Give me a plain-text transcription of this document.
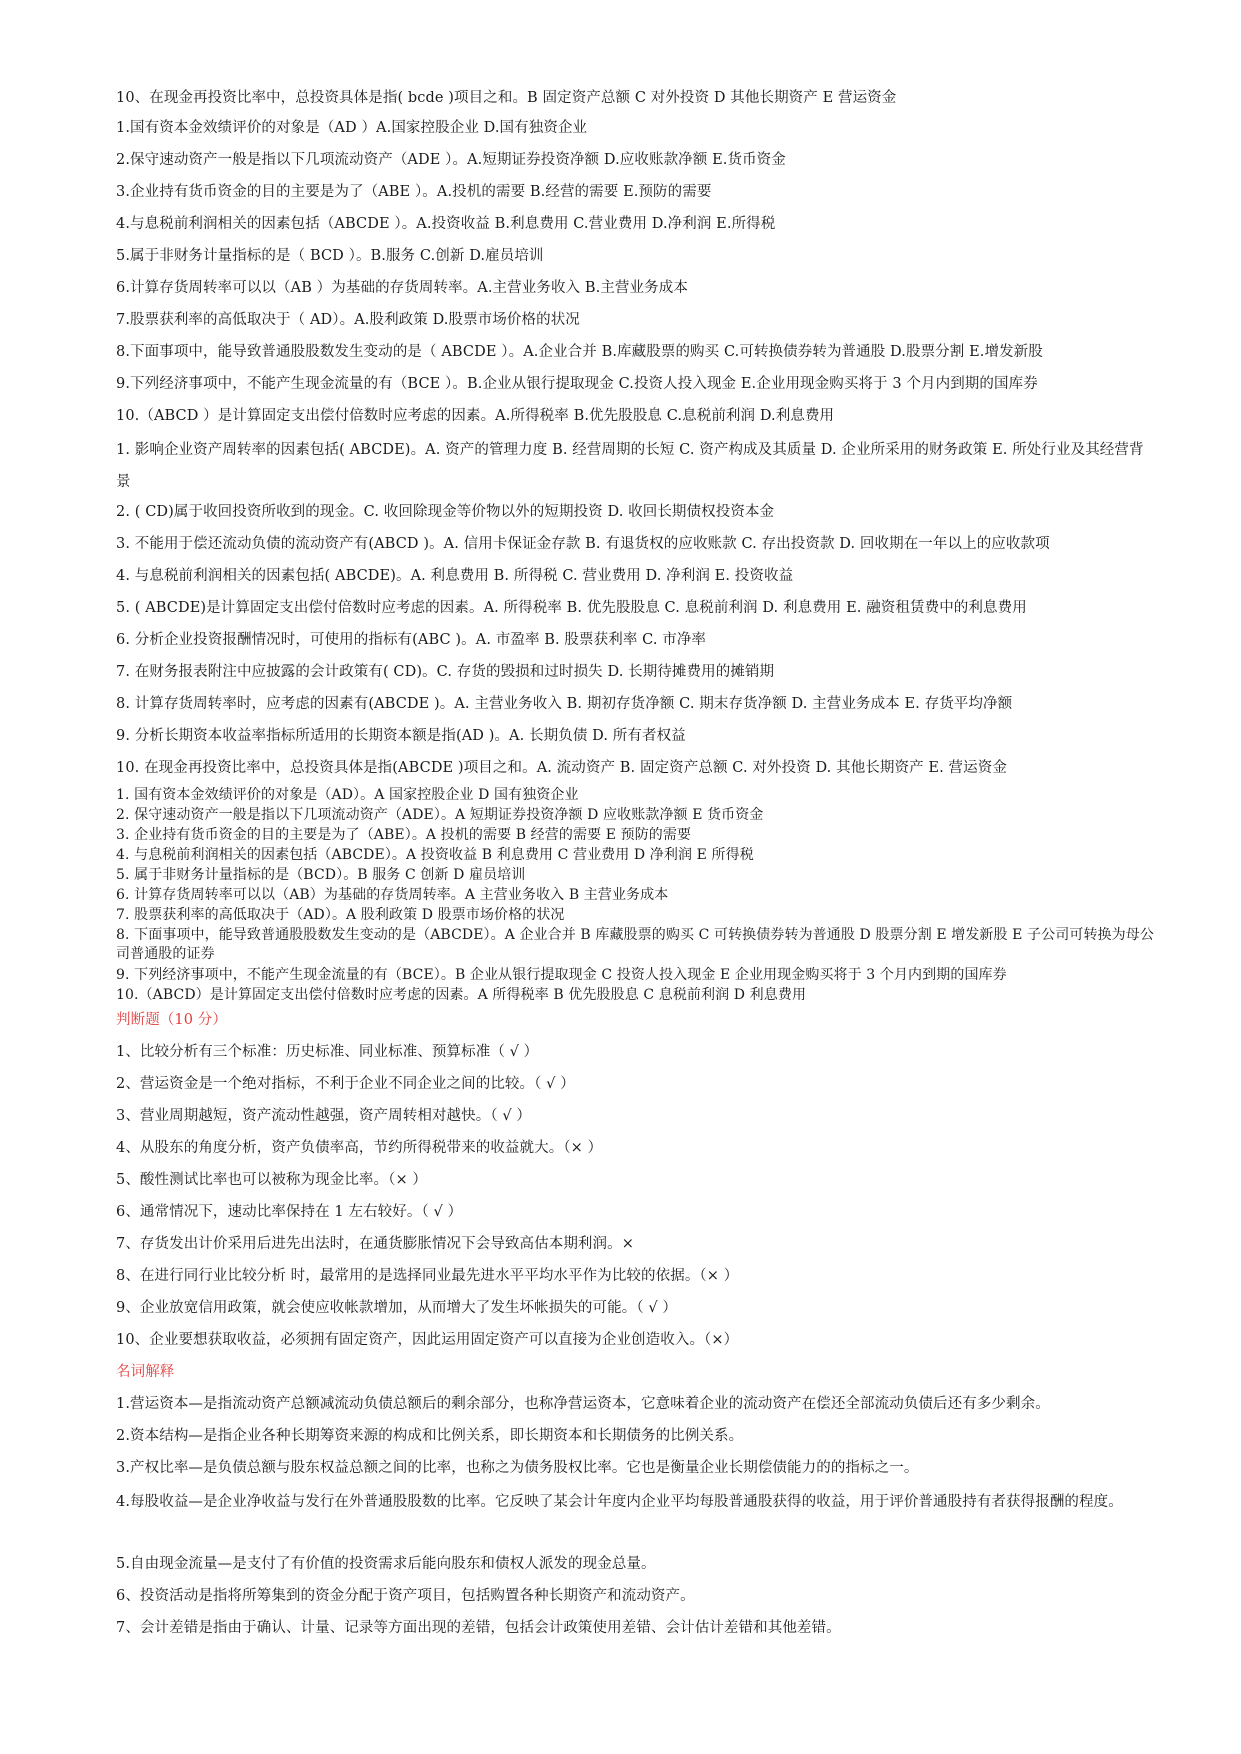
10、在现金再投资比率中，总投资具体是指( bcde )项目之和。B 固定资产总额 C 对外投资 D 其他长期资产 E 营运资金
1.国有资本金效绩评价的对象是（AD ）A.国家控股企业 D.国有独资企业
2.保守速动资产一般是指以下几项流动资产（ADE ）。A.短期证券投资净额 D.应收账款净额 E.货币资金
3.企业持有货币资金的目的主要是为了（ABE ）。A.投机的需要 B.经营的需要 E.预防的需要
4.与息税前利润相关的因素包括（ABCDE ）。A.投资收益 B.利息费用 C.营业费用 D.净利润 E.所得税
5.属于非财务计量指标的是（ BCD ）。B.服务 C.创新 D.雇员培训
6.计算存货周转率可以以（AB ）为基础的存货周转率。A.主营业务收入 B.主营业务成本
7.股票获利率的高低取决于（ AD）。A.股利政策 D.股票市场价格的状况
8.下面事项中，能导致普通股股数发生变动的是（ ABCDE ）。A.企业合并 B.库藏股票的购买 C.可转换债券转为普通股 D.股票分割 E.增发新股
9.下列经济事项中，不能产生现金流量的有（BCE ）。B.企业从银行提取现金 C.投资人投入现金 E.企业用现金购买将于 3 个月内到期的国库券
10.（ABCD ）是计算固定支出偿付倍数时应考虑的因素。A.所得税率 B.优先股股息 C.息税前利润 D.利息费用
1. 影响企业资产周转率的因素包括( ABCDE)。A. 资产的管理力度 B. 经营周期的长短 C. 资产构成及其质量 D. 企业所采用的财务政策 E. 所处行业及其经营背景
2. ( CD)属于收回投资所收到的现金。C. 收回除现金等价物以外的短期投资 D. 收回长期债权投资本金
3. 不能用于偿还流动负债的流动资产有(ABCD )。A. 信用卡保证金存款 B. 有退货权的应收账款 C. 存出投资款 D. 回收期在一年以上的应收款项
4. 与息税前利润相关的因素包括( ABCDE)。A. 利息费用 B. 所得税 C. 营业费用 D. 净利润 E. 投资收益
5. ( ABCDE)是计算固定支出偿付倍数时应考虑的因素。A. 所得税率 B. 优先股股息 C. 息税前利润 D. 利息费用 E. 融资租赁费中的利息费用
6. 分析企业投资报酬情况时，可使用的指标有(ABC )。A. 市盈率 B. 股票获利率 C. 市净率
7. 在财务报表附注中应披露的会计政策有( CD)。C. 存货的毁损和过时损失 D. 长期待摊费用的摊销期
8. 计算存货周转率时，应考虑的因素有(ABCDE )。A. 主营业务收入 B. 期初存货净额 C. 期末存货净额 D. 主营业务成本 E. 存货平均净额
9. 分析长期资本收益率指标所适用的长期资本额是指(AD )。A. 长期负债 D. 所有者权益
10. 在现金再投资比率中，总投资具体是指(ABCDE )项目之和。A. 流动资产 B. 固定资产总额 C. 对外投资 D. 其他长期资产 E. 营运资金
1. 国有资本金效绩评价的对象是（AD）。A 国家控股企业 D 国有独资企业
2. 保守速动资产一般是指以下几项流动资产（ADE）。A 短期证券投资净额 D 应收账款净额 E 货币资金
3. 企业持有货币资金的目的主要是为了（ABE）。A 投机的需要 B 经营的需要 E 预防的需要
4. 与息税前利润相关的因素包括（ABCDE）。A 投资收益 B 利息费用 C 营业费用 D 净利润 E 所得税
5. 属于非财务计量指标的是（BCD）。B 服务 C 创新 D 雇员培训
6. 计算存货周转率可以以（AB）为基础的存货周转率。A 主营业务收入 B 主营业务成本
7. 股票获利率的高低取决于（AD）。A 股利政策 D 股票市场价格的状况
8. 下面事项中，能导致普通股股数发生变动的是（ABCDE）。A 企业合并 B 库藏股票的购买 C 可转换债券转为普通股 D 股票分割 E 增发新股 E 子公司可转换为母公司普通股的证券
9. 下列经济事项中，不能产生现金流量的有（BCE）。B 企业从银行提取现金 C 投资人投入现金 E 企业用现金购买将于 3 个月内到期的国库券
10.（ABCD）是计算固定支出偿付倍数时应考虑的因素。A 所得税率 B 优先股股息 C 息税前利润 D 利息费用
判断题（10 分）
1、比较分析有三个标准：历史标准、同业标准、预算标准（ √ ）
2、营运资金是一个绝对指标，不利于企业不同企业之间的比较。（ √ ）
3、营业周期越短，资产流动性越强，资产周转相对越快。（ √ ）
4、从股东的角度分析，资产负债率高，节约所得税带来的收益就大。（× ）
5、酸性测试比率也可以被称为现金比率。（× ）
6、通常情况下，速动比率保持在 1 左右较好。（ √ ）
7、存货发出计价采用后进先出法时，在通货膨胀情况下会导致高估本期利润。×
8、在进行同行业比较分析 时，最常用的是选择同业最先进水平平均水平作为比较的依据。（× ）
9、企业放宽信用政策，就会使应收帐款增加，从而增大了发生坏帐损失的可能。（ √ ）
10、企业要想获取收益，必须拥有固定资产，因此运用固定资产可以直接为企业创造收入。（×）
名词解释
1.营运资本—是指流动资产总额减流动负债总额后的剩余部分，也称净营运资本，它意味着企业的流动资产在偿还全部流动负债后还有多少剩余。
2.资本结构—是指企业各种长期筹资来源的构成和比例关系，即长期资本和长期债务的比例关系。
3.产权比率—是负债总额与股东权益总额之间的比率，也称之为债务股权比率。它也是衡量企业长期偿债能力的的指标之一。
4.每股收益—是企业净收益与发行在外普通股股数的比率。它反映了某会计年度内企业平均每股普通股获得的收益，用于评价普通股持有者获得报酬的程度。
5.自由现金流量—是支付了有价值的投资需求后能向股东和债权人派发的现金总量。
6、投资活动是指将所筹集到的资金分配于资产项目，包括购置各种长期资产和流动资产。
7、会计差错是指由于确认、计量、记录等方面出现的差错，包括会计政策使用差错、会计估计差错和其他差错。
